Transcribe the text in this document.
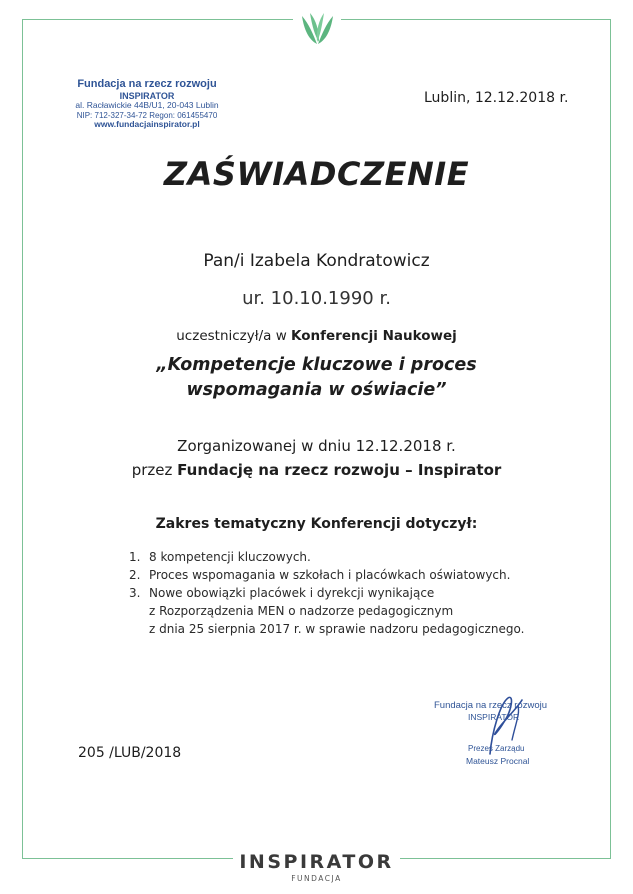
Fundacja na rzecz rozwoju
INSPIRATOR
al. Racławickie 44B/U1, 20-043 Lublin
NIP: 712-327-34-72 Regon: 061455470
www.fundacjainspirator.pl
Lublin, 12.12.2018 r.
ZAŚWIADCZENIE
Pan/i Izabela Kondratowicz
ur. 10.10.1990 r.
uczestniczył/a w Konferencji Naukowej
„Kompetencje kluczowe i proces
wspomagania w oświacie”
Zorganizowanej w dniu 12.12.2018 r.
przez Fundację na rzecz rozwoju – Inspirator
Zakres tematyczny Konferencji dotyczył:
1. 8 kompetencji kluczowych.
2. Proces wspomagania w szkołach i placówkach oświatowych.
3. Nowe obowiązki placówek i dyrekcji wynikające
z Rozporządzenia MEN o nadzorze pedagogicznym
z dnia 25 sierpnia 2017 r. w sprawie nadzoru pedagogicznego.
Fundacja na rzecz rozwoju
INSPIRATOR
Prezes Zarządu
Mateusz Procnal
205 /LUB/2018
INSPIRATOR
FUNDACJA
